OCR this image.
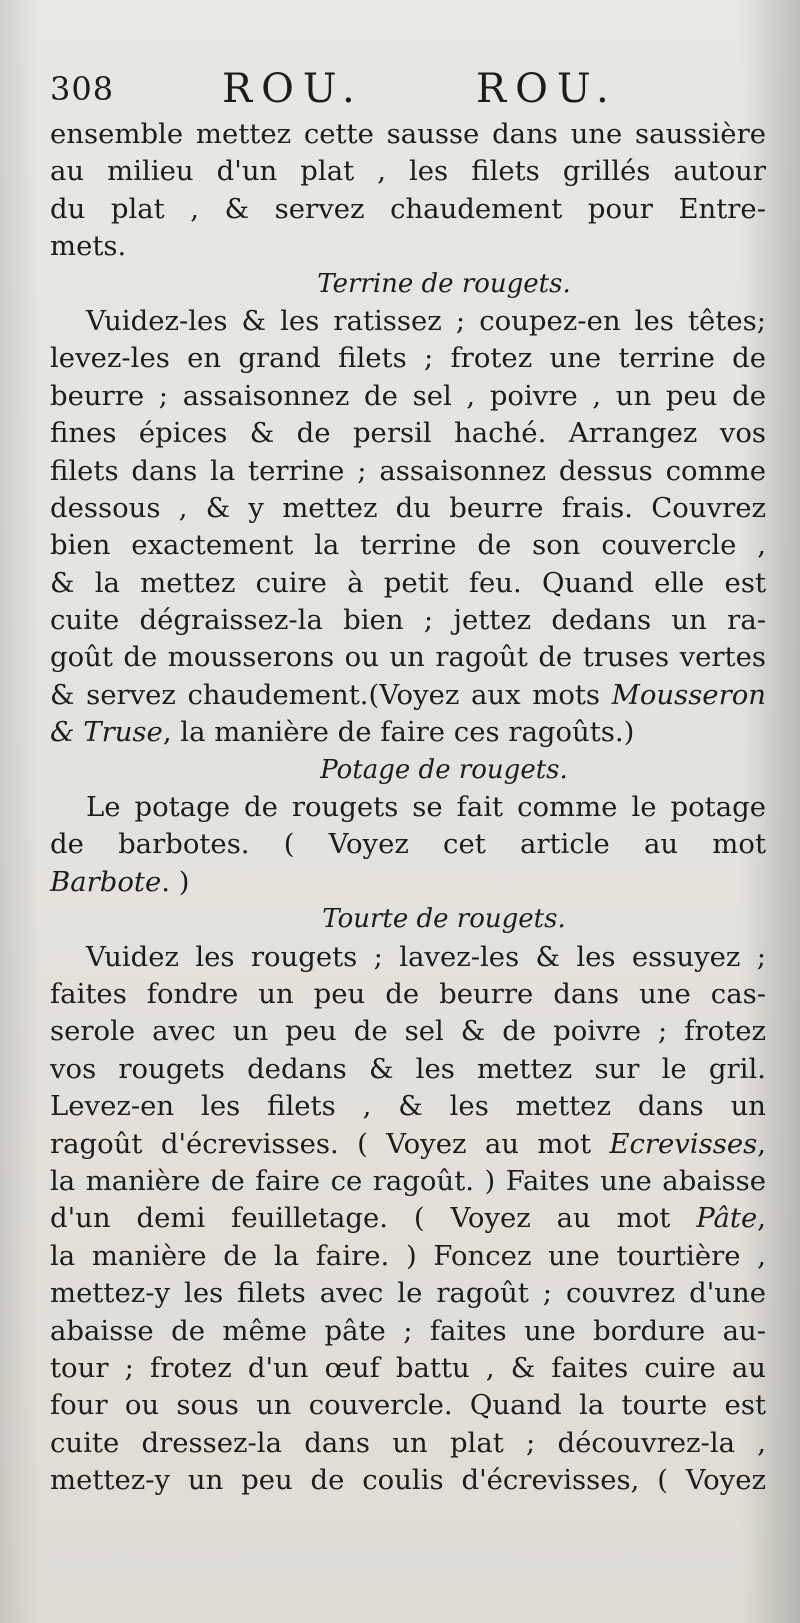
308	ROU.	ROU.
ensemble mettez cette sausse dans une saussière
au milieu d'un plat , les filets grillés autour
du plat , & servez chaudement pour Entre-
mets.
Terrine de rougets.
Vuidez-les & les ratissez ; coupez-en les têtes;
levez-les en grand filets ; frotez une terrine de
beurre ; assaisonnez de sel , poivre , un peu de
fines épices & de persil haché. Arrangez vos
filets dans la terrine ; assaisonnez dessus comme
dessous , & y mettez du beurre frais. Couvrez
bien exactement la terrine de son couvercle ,
& la mettez cuire à petit feu. Quand elle est
cuite dégraissez-la bien ; jettez dedans un ra-
goût de mousserons ou un ragoût de truses vertes
& servez chaudement.(Voyez aux mots Mousseron
& Truse, la manière de faire ces ragoûts.)
Potage de rougets.
Le potage de rougets se fait comme le potage
de barbotes. ( Voyez cet article au mot
Barbote. )
Tourte de rougets.
Vuidez les rougets ; lavez-les & les essuyez ;
faites fondre un peu de beurre dans une cas-
serole avec un peu de sel & de poivre ; frotez
vos rougets dedans & les mettez sur le gril.
Levez-en les filets , & les mettez dans un
ragoût d'écrevisses. ( Voyez au mot Ecrevisses,
la manière de faire ce ragoût. ) Faites une abaisse
d'un demi feuilletage. ( Voyez au mot Pâte,
la manière de la faire. ) Foncez une tourtière ,
mettez-y les filets avec le ragoût ; couvrez d'une
abaisse de même pâte ; faites une bordure au-
tour ; frotez d'un œuf battu , & faites cuire au
four ou sous un couvercle. Quand la tourte est
cuite dressez-la dans un plat ; découvrez-la ,
mettez-y un peu de coulis d'écrevisses, ( Voyez
